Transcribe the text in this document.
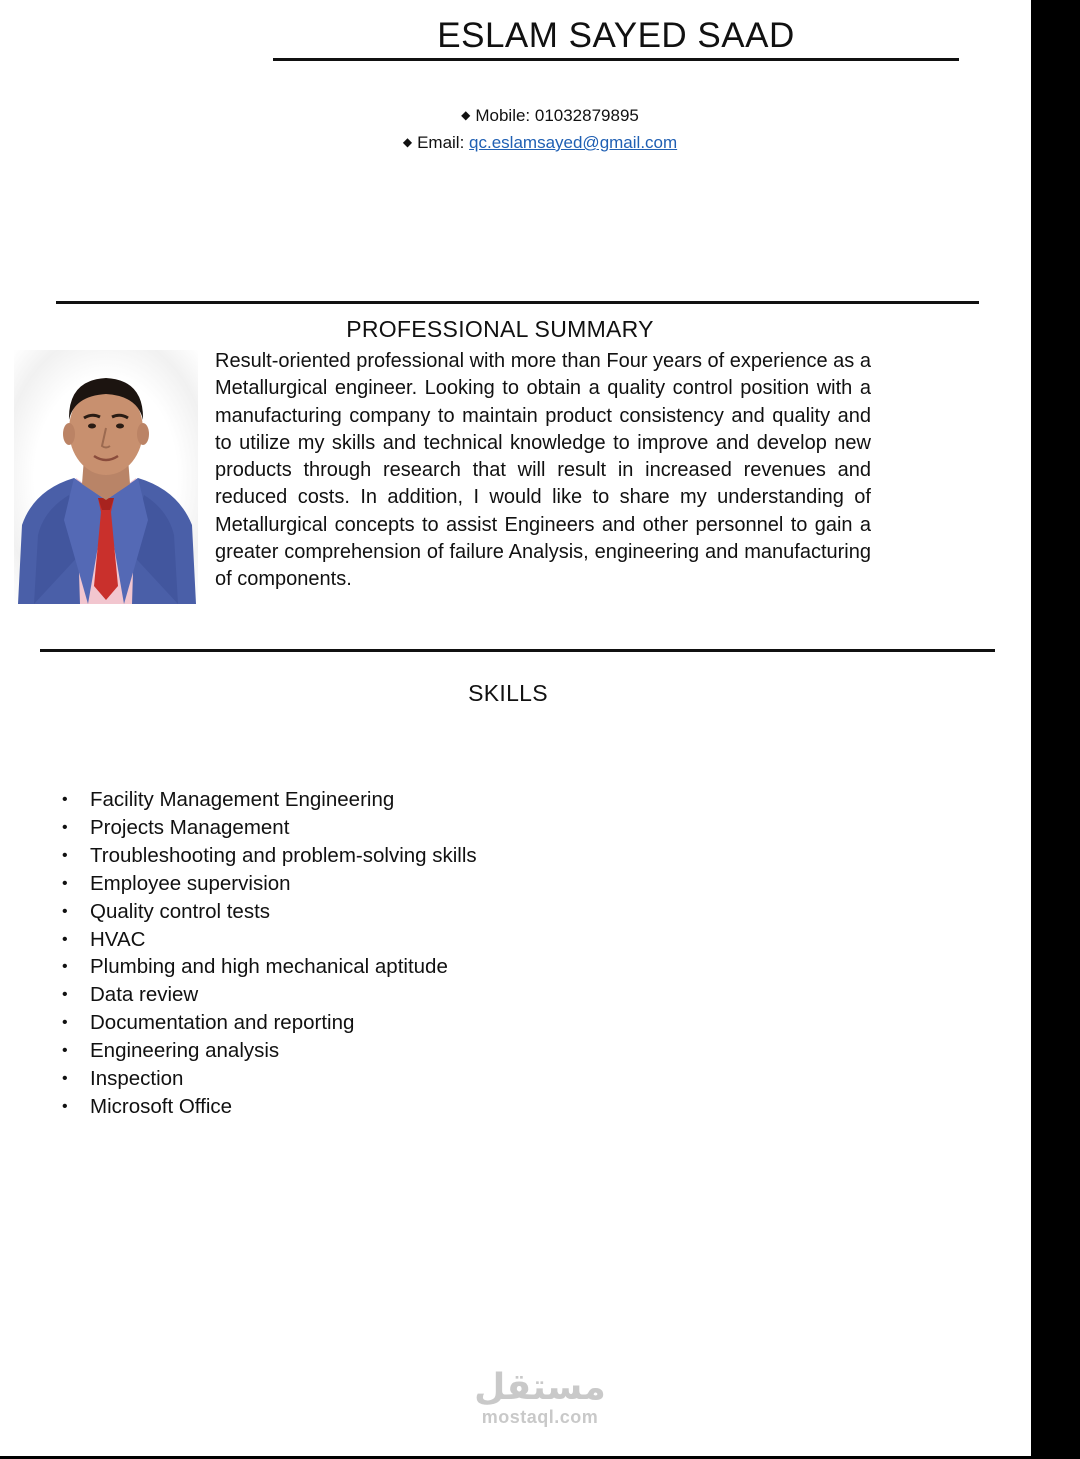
ESLAM SAYED SAAD
◆ Mobile: 01032879895
◆ Email: qc.eslamsayed@gmail.com
PROFESSIONAL SUMMARY
Result-oriented professional with more than Four years of experience as a Metallurgical engineer. Looking to obtain a quality control position with a manufacturing company to maintain product consistency and quality and to utilize my skills and technical knowledge to improve and develop new products through research that will result in increased revenues and reduced costs. In addition, I would like to share my understanding of Metallurgical concepts to assist Engineers and other personnel to gain a greater comprehension of failure Analysis, engineering and manufacturing of components.
SKILLS
• Facility Management Engineering
• Projects Management
• Troubleshooting and problem-solving skills
• Employee supervision
• Quality control tests
• HVAC
• Plumbing and high mechanical aptitude
• Data review
• Documentation and reporting
• Engineering analysis
• Inspection
• Microsoft Office
مستقل
mostaql.com
